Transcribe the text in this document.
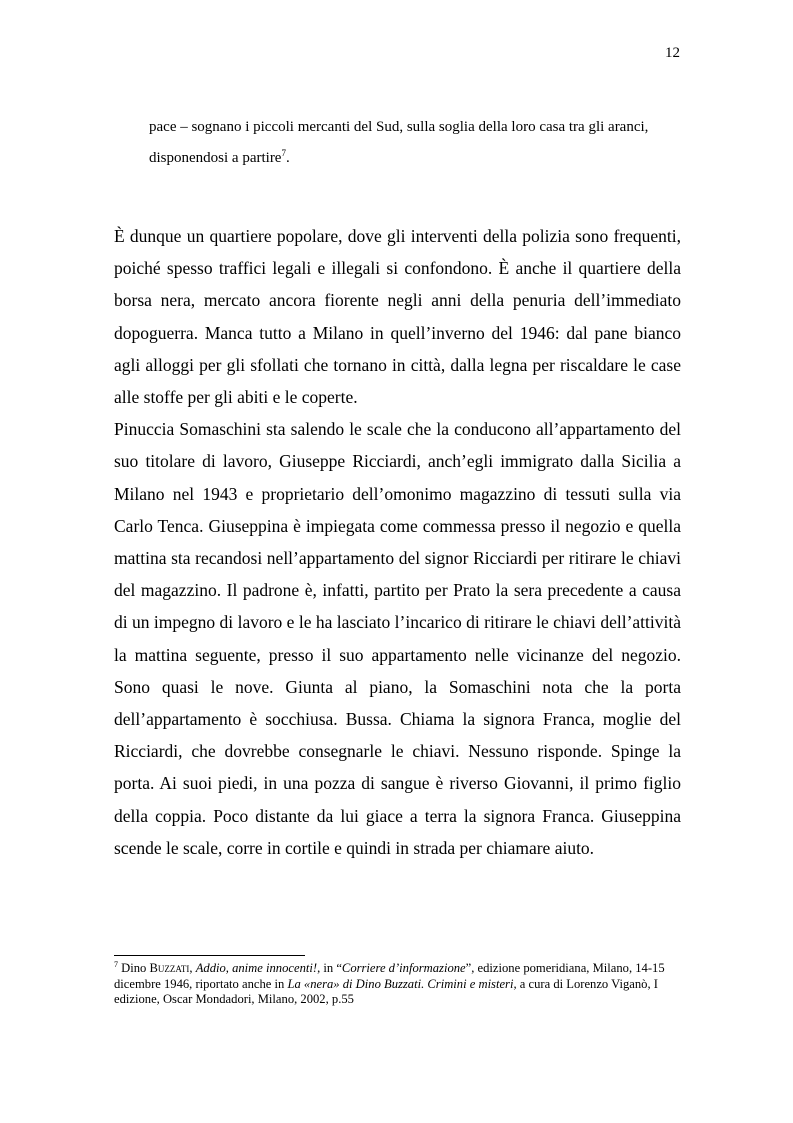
12

pace – sognano i piccoli mercanti del Sud, sulla soglia della loro casa tra gli aranci, disponendosi a partire$^7$.

È dunque un quartiere popolare, dove gli interventi della polizia sono frequenti, poiché spesso traffici legali e illegali si confondono. È anche il quartiere della borsa nera, mercato ancora fiorente negli anni della penuria dell’immediato dopoguerra. Manca tutto a Milano in quell’inverno del 1946: dal pane bianco agli alloggi per gli sfollati che tornano in città, dalla legna per riscaldare le case alle stoffe per gli abiti e le coperte.

Pinuccia Somaschini sta salendo le scale che la conducono all’appartamento del suo titolare di lavoro, Giuseppe Ricciardi, anch’egli immigrato dalla Sicilia a Milano nel 1943 e proprietario dell’omonimo magazzino di tessuti sulla via Carlo Tenca. Giuseppina è impiegata come commessa presso il negozio e quella mattina sta recandosi nell’appartamento del signor Ricciardi per ritirare le chiavi del magazzino. Il padrone è, infatti, partito per Prato la sera precedente a causa di un impegno di lavoro e le ha lasciato l’incarico di ritirare le chiavi dell’attività la mattina seguente, presso il suo appartamento nelle vicinanze del negozio. Sono quasi le nove. Giunta al piano, la Somaschini nota che la porta dell’appartamento è socchiusa. Bussa. Chiama la signora Franca, moglie del Ricciardi, che dovrebbe consegnarle le chiavi. Nessuno risponde. Spinge la porta. Ai suoi piedi, in una pozza di sangue è riverso Giovanni, il primo figlio della coppia. Poco distante da lui giace a terra la signora Franca. Giuseppina scende le scale, corre in cortile e quindi in strada per chiamare aiuto.

$^7$ Dino Buzzati, Addio, anime innocenti!, in “Corriere d’informazione”, edizione pomeridiana, Milano, 14-15 dicembre 1946, riportato anche in La «nera» di Dino Buzzati. Crimini e misteri, a cura di Lorenzo Viganò, I edizione, Oscar Mondadori, Milano, 2002, p.55
